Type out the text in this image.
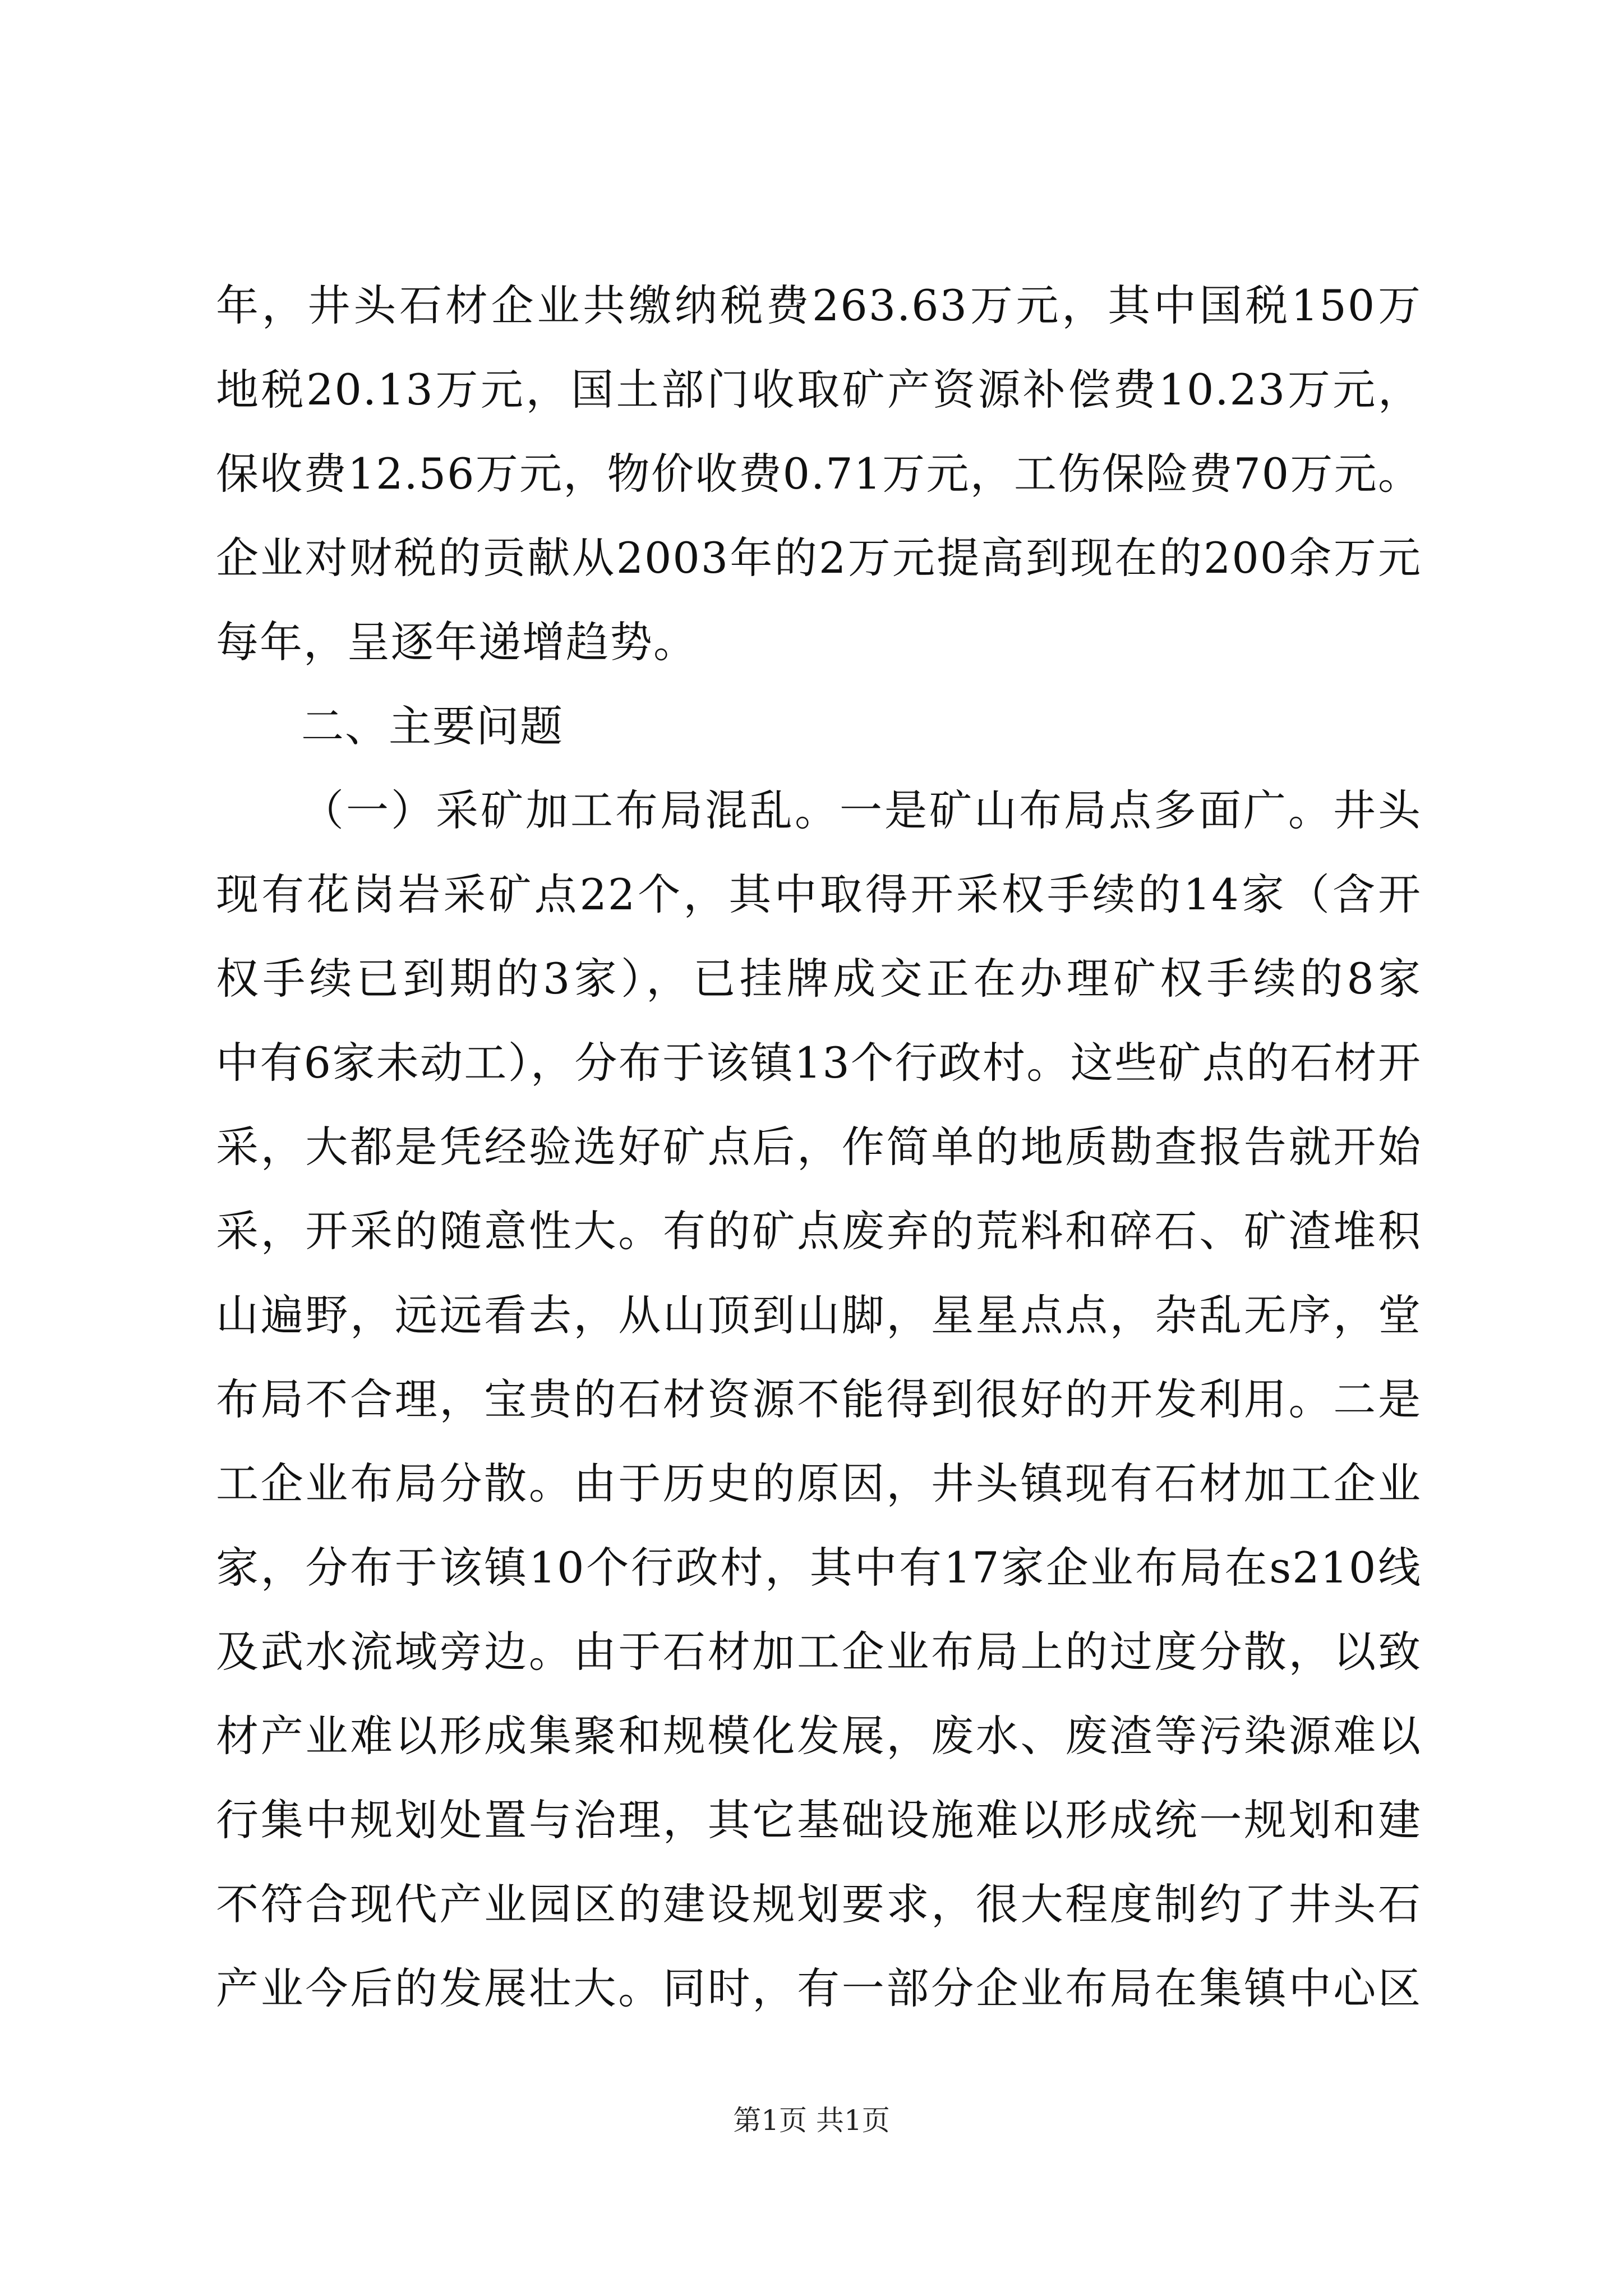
年，井头石材企业共缴纳税费263.63万元，其中国税150万
地税20.13万元，国土部门收取矿产资源补偿费10.23万元，
保收费12.56万元，物价收费0.71万元，工伤保险费70万元。
企业对财税的贡献从2003年的2万元提高到现在的200余万元
每年，呈逐年递增趋势。
二、主要问题
（一）采矿加工布局混乱。一是矿山布局点多面广。井头
现有花岗岩采矿点22个，其中取得开采权手续的14家（含开
权手续已到期的3家），已挂牌成交正在办理矿权手续的8家
中有6家未动工），分布于该镇13个行政村。这些矿点的石材开
采，大都是凭经验选好矿点后，作简单的地质勘查报告就开始
采，开采的随意性大。有的矿点废弃的荒料和碎石、矿渣堆积
山遍野，远远看去，从山顶到山脚，星星点点，杂乱无序，堂
布局不合理，宝贵的石材资源不能得到很好的开发利用。二是
工企业布局分散。由于历史的原因，井头镇现有石材加工企业
家，分布于该镇10个行政村，其中有17家企业布局在s210线
及武水流域旁边。由于石材加工企业布局上的过度分散，以致
材产业难以形成集聚和规模化发展，废水、废渣等污染源难以
行集中规划处置与治理，其它基础设施难以形成统一规划和建
不符合现代产业园区的建设规划要求，很大程度制约了井头石
产业今后的发展壮大。同时，有一部分企业布局在集镇中心区
第1页 共1页
